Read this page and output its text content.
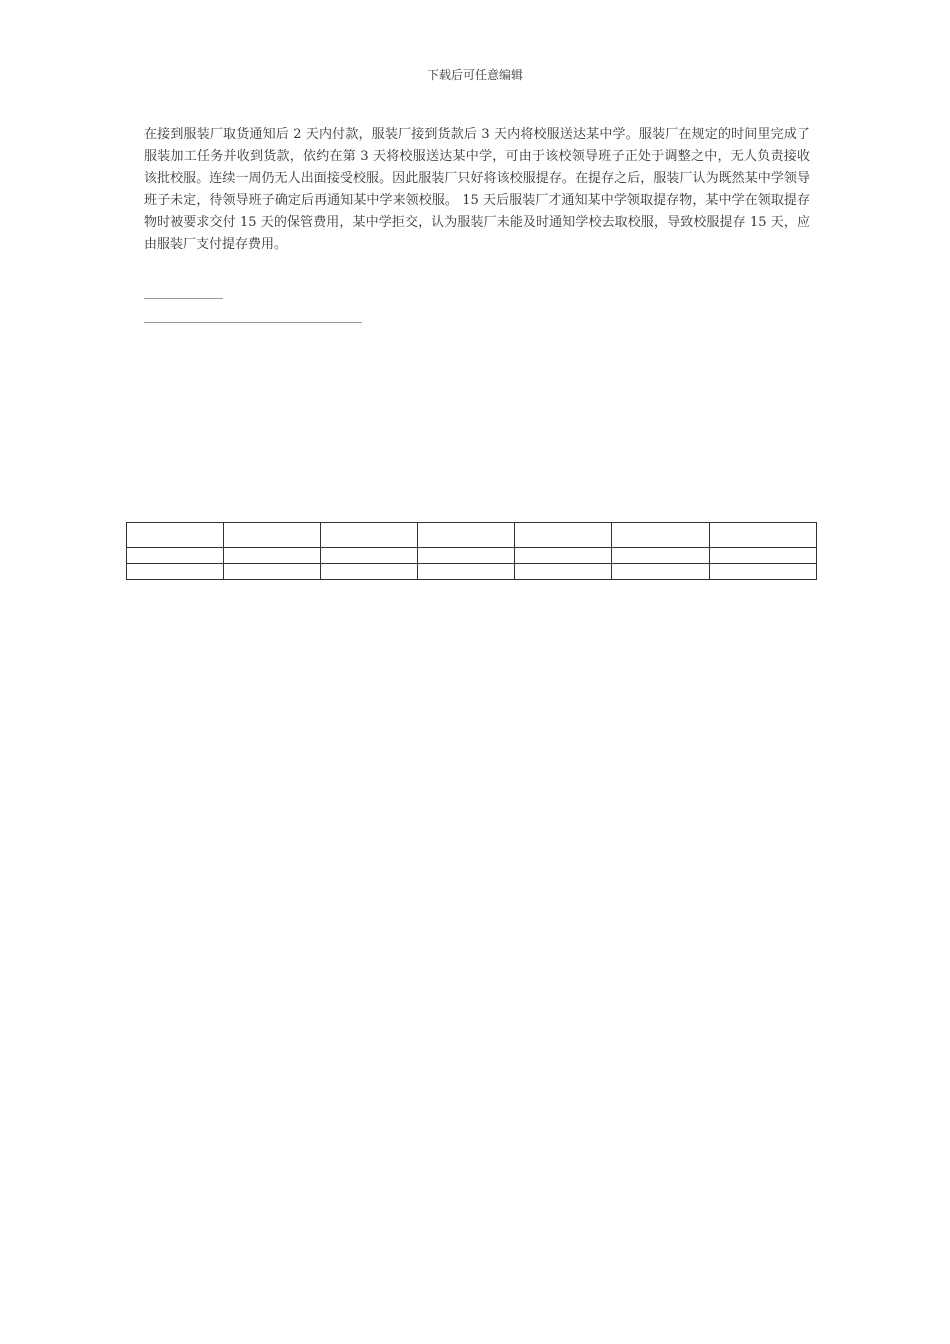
下载后可任意编辑

在接到服装厂取货通知后 2 天内付款，服装厂接到货款后 3 天内将校服送达某中学。服装厂在规定的时间里完成了服装加工任务并收到货款，依约在第 3 天将校服送达某中学，可由于该校领导班子正处于调整之中，无人负责接收该批校服。连续一周仍无人出面接受校服。因此服装厂只好将该校服提存。在提存之后，服装厂认为既然某中学领导班子未定，待领导班子确定后再通知某中学来领校服。 15 天后服装厂才通知某中学领取提存物，某中学在领取提存物时被要求交付 15 天的保管费用，某中学拒交，认为服装厂未能及时通知学校去取校服，导致校服提存 15 天，应由服装厂支付提存费用。
